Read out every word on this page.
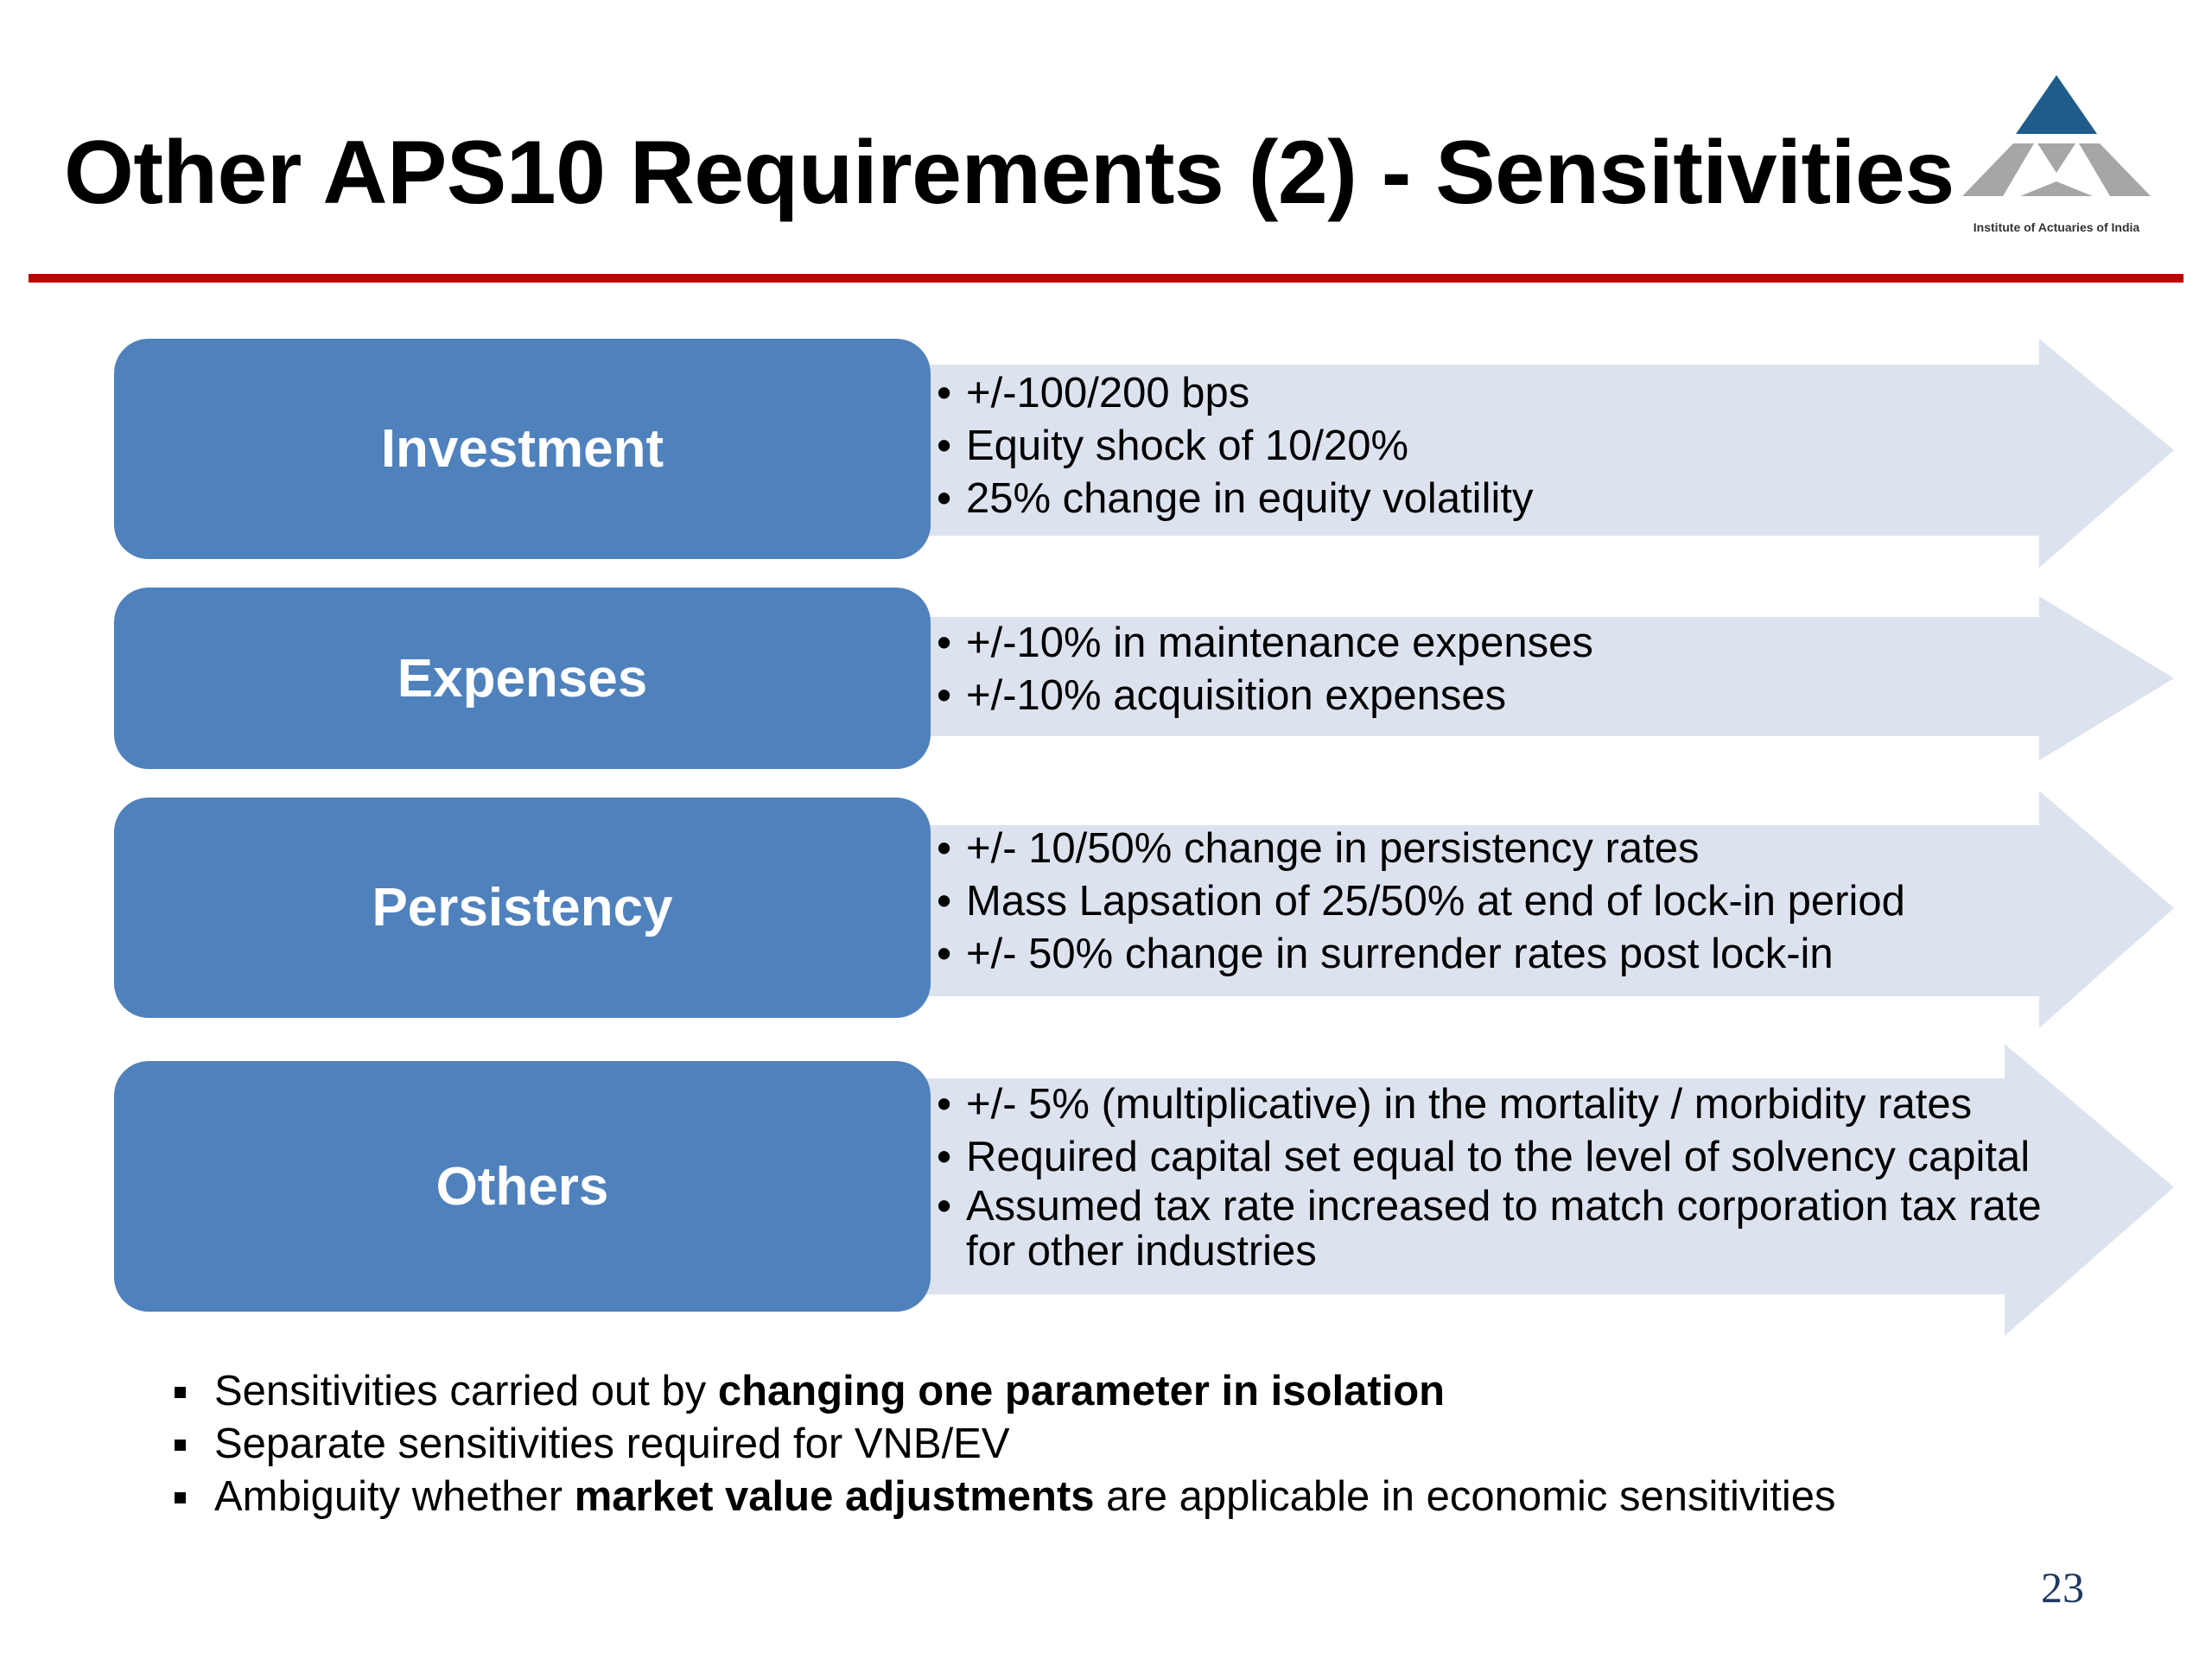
Other APS10 Requirements (2) - Sensitivities
Institute of Actuaries of India
Investment
• +/-100/200 bps
• Equity shock of 10/20%
• 25% change in equity volatility
Expenses
• +/-10% in maintenance expenses
• +/-10% acquisition expenses
Persistency
• +/- 10/50% change in persistency rates
• Mass Lapsation of 25/50% at end of lock-in period
• +/- 50% change in surrender rates post lock-in
Others
• +/- 5% (multiplicative) in the mortality / morbidity rates
• Required capital set equal to the level of solvency capital
• Assumed tax rate increased to match corporation tax rate for other industries
Sensitivities carried out by changing one parameter in isolation
Separate sensitivities required for VNB/EV
Ambiguity whether market value adjustments are applicable in economic sensitivities
23
